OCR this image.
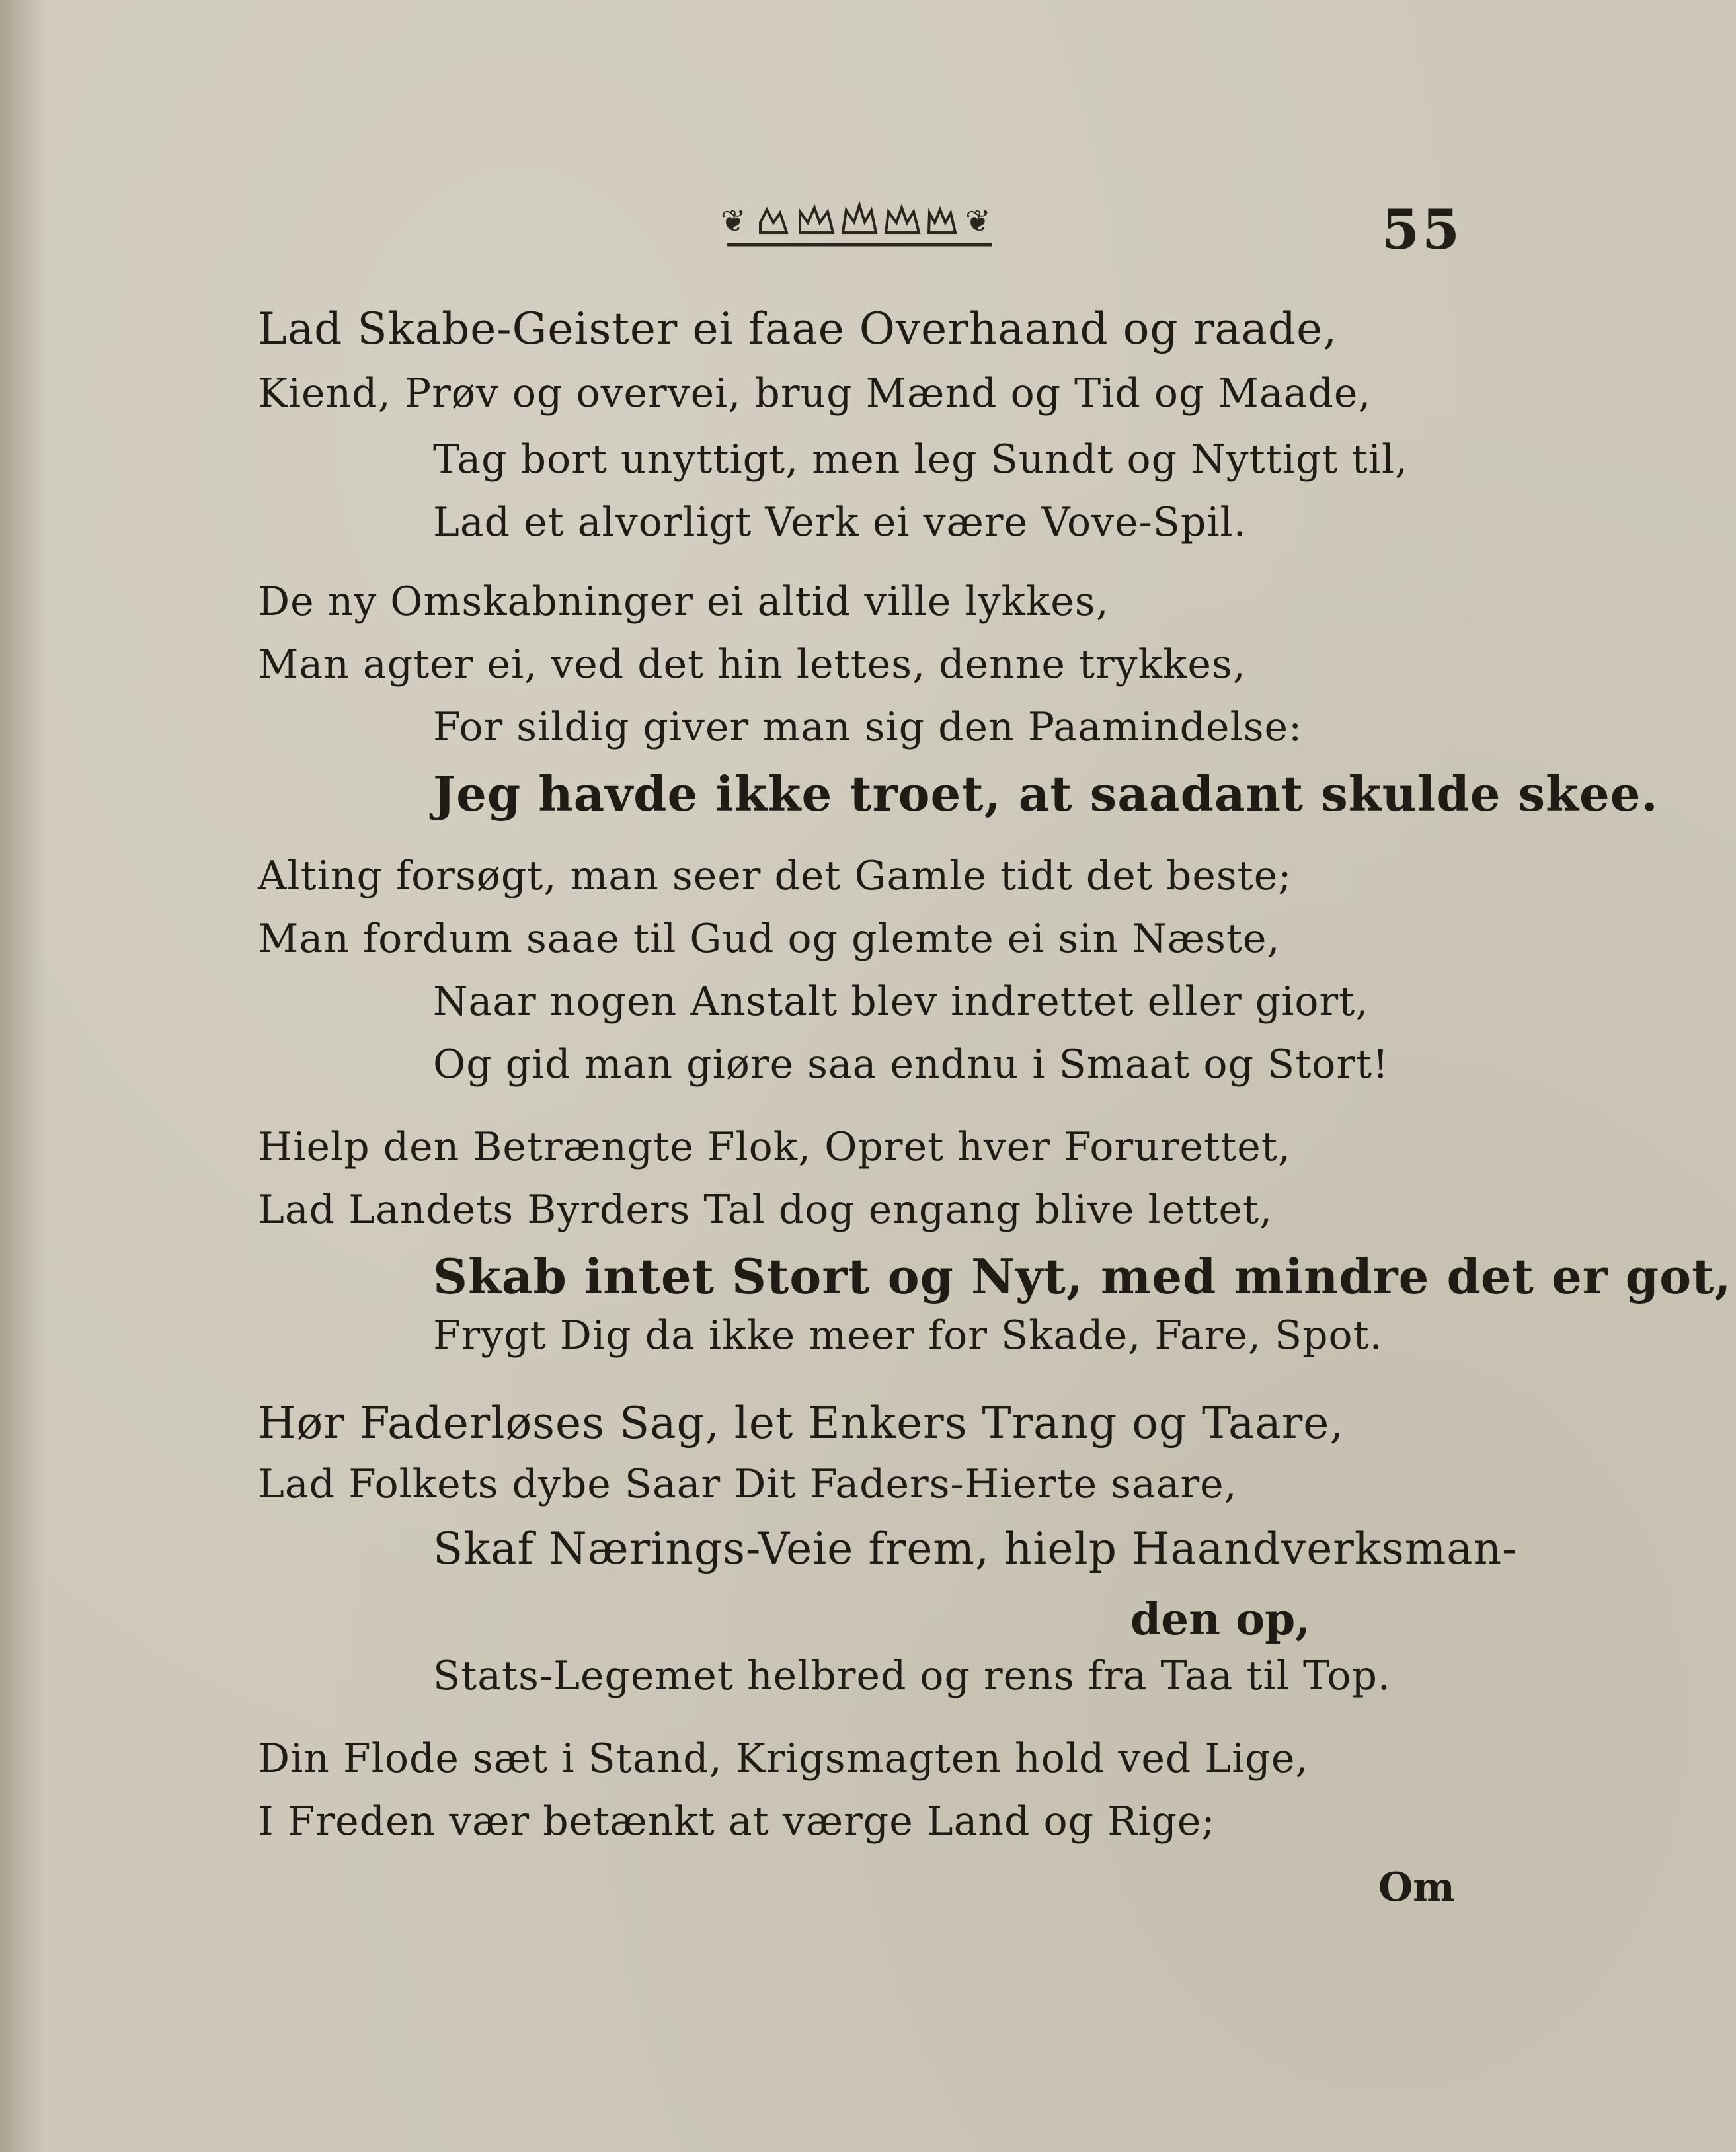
❦	❦	55
Lad Skabe-Geister ei faae Overhaand og raade,
Kiend, Prøv og overvei, brug Mænd og Tid og Maade,
Tag bort unyttigt, men leg Sundt og Nyttigt til,
Lad et alvorligt Verk ei være Vove-Spil.
De ny Omskabninger ei altid ville lykkes,
Man agter ei, ved det hin lettes, denne trykkes,
For sildig giver man sig den Paamindelse:
Jeg havde ikke troet, at saadant skulde skee.
Alting forsøgt, man seer det Gamle tidt det beste;
Man fordum saae til Gud og glemte ei sin Næste,
Naar nogen Anstalt blev indrettet eller giort,
Og gid man giøre saa endnu i Smaat og Stort!
Hielp den Betrængte Flok, Opret hver Forurettet,
Lad Landets Byrders Tal dog engang blive lettet,
Skab intet Stort og Nyt, med mindre det er got,
Frygt Dig da ikke meer for Skade, Fare, Spot.
Hør Faderløses Sag, let Enkers Trang og Taare,
Lad Folkets dybe Saar Dit Faders-Hierte saare,
Skaf Nærings-Veie frem, hielp Haandverksman-
den op,
Stats-Legemet helbred og rens fra Taa til Top.
Din Flode sæt i Stand, Krigsmagten hold ved Lige,
I Freden vær betænkt at værge Land og Rige;
Om
